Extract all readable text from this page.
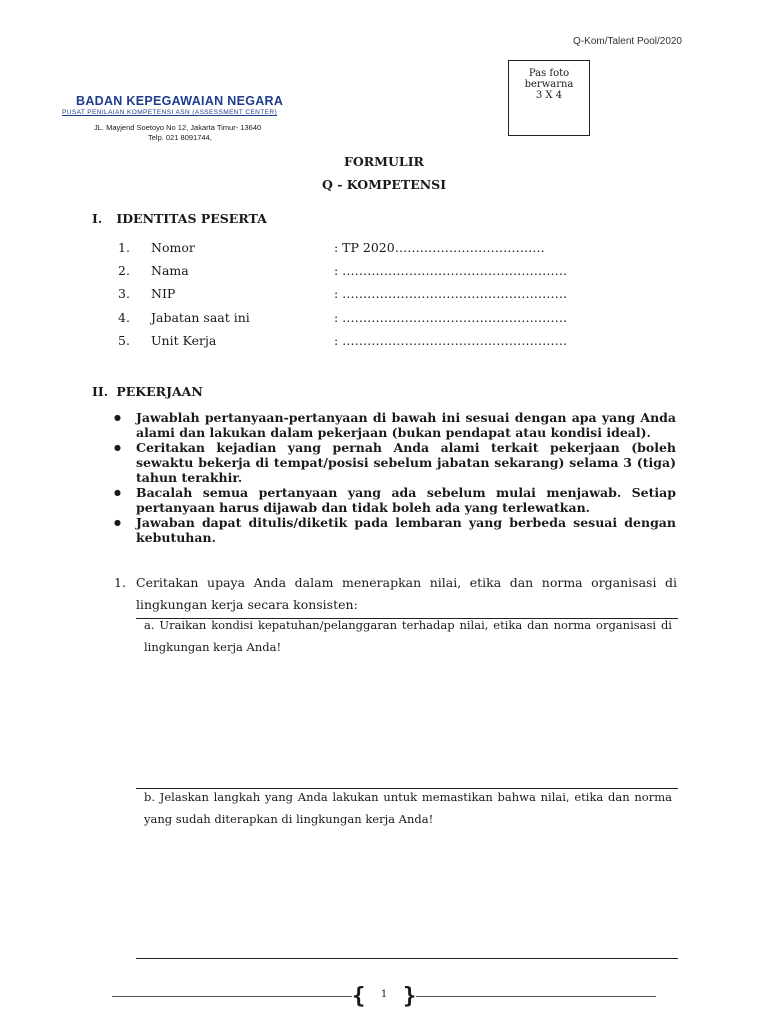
Q-Kom/Talent Pool/2020
Pas foto
berwarna
3 X 4
BADAN KEPEGAWAIAN NEGARA
PUSAT PENILAIAN KOMPETENSI ASN (ASSESSMENT CENTER)
JL. Mayjend Soetoyo No 12, Jakarta Timur- 13640
Telp. 021 8091744,
FORMULIR
Q - KOMPETENSI
I. IDENTITAS PESERTA
1.	Nomor	: TP 2020………………………………
2.	Nama	: ………………………………………………
3.	NIP	: ………………………………………………
4.	Jabatan saat ini	: ………………………………………………
5.	Unit Kerja	: ………………………………………………
II. PEKERJAAN
● Jawablah pertanyaan-pertanyaan di bawah ini sesuai dengan apa yang Anda alami dan lakukan dalam pekerjaan (bukan pendapat atau kondisi ideal).
● Ceritakan kejadian yang pernah Anda alami terkait pekerjaan (boleh sewaktu bekerja di tempat/posisi sebelum jabatan sekarang) selama 3 (tiga) tahun terakhir.
● Bacalah semua pertanyaan yang ada sebelum mulai menjawab. Setiap pertanyaan harus dijawab dan tidak boleh ada yang terlewatkan.
● Jawaban dapat ditulis/diketik pada lembaran yang berbeda sesuai dengan kebutuhan.
1. Ceritakan upaya Anda dalam menerapkan nilai, etika dan norma organisasi di lingkungan kerja secara konsisten:
a. Uraikan kondisi kepatuhan/pelanggaran terhadap nilai, etika dan norma organisasi di lingkungan kerja Anda!
b. Jelaskan langkah yang Anda lakukan untuk memastikan bahwa nilai, etika dan norma yang sudah diterapkan di lingkungan kerja Anda!
{ }
1
